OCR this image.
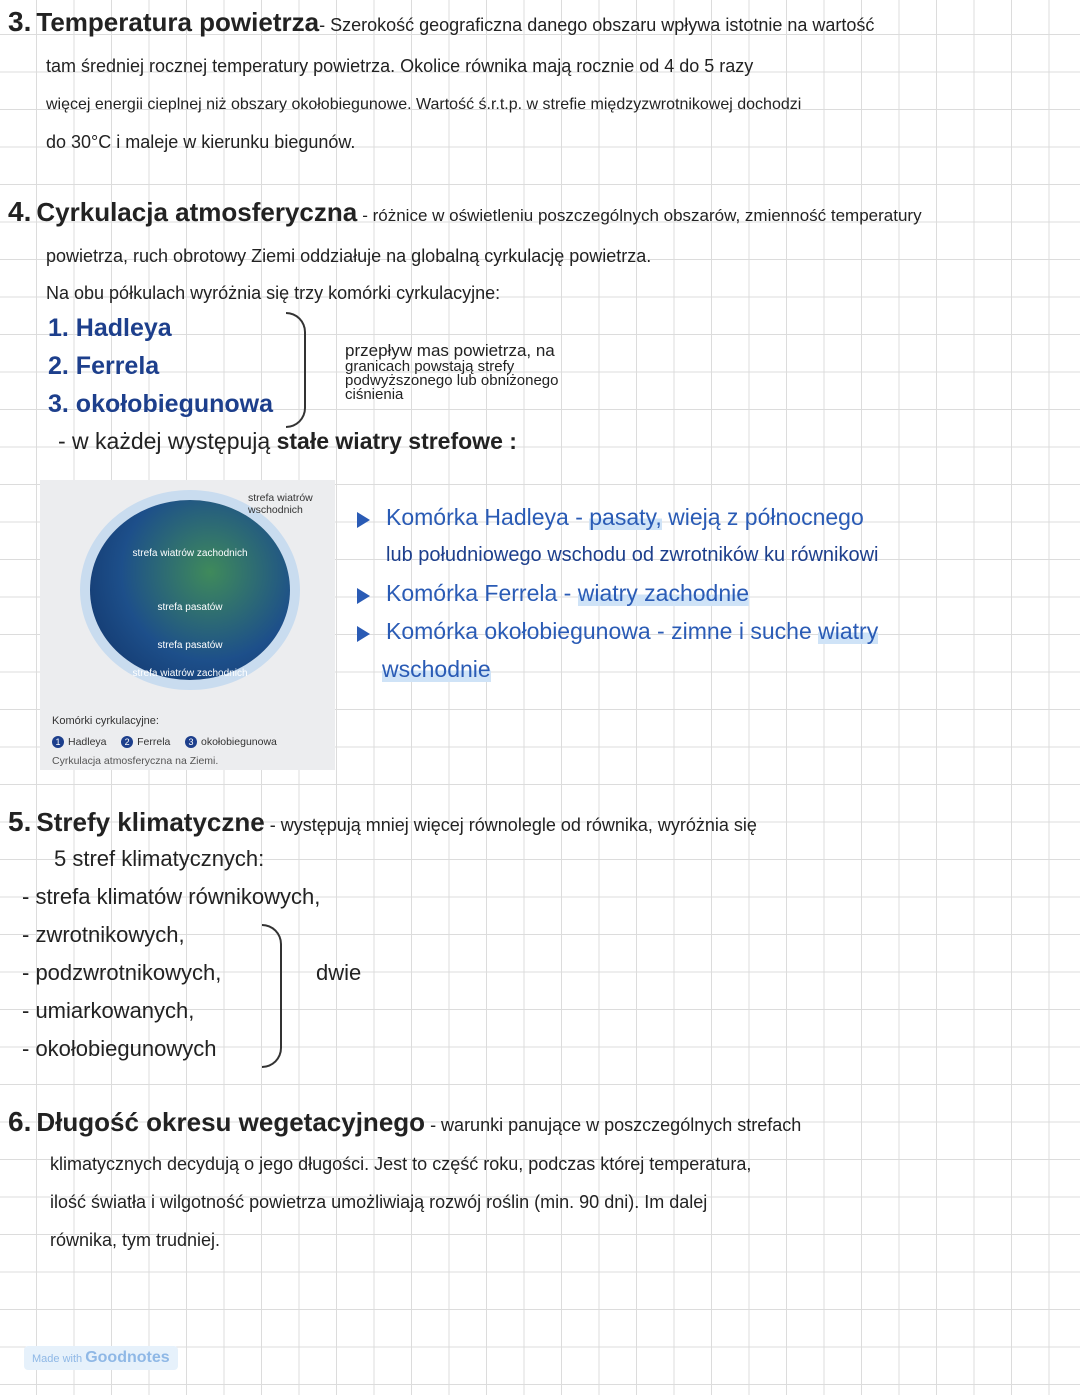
3. Temperatura powietrza- Szerokość geograficzna danego obszaru wpływa istotnie na wartość
tam średniej rocznej temperatury powietrza. Okolice równika mają rocznie od 4 do 5 razy
więcej energii cieplnej niż obszary okołobiegunowe. Wartość ś.r.t.p. w strefie międzyzwrotnikowej dochodzi
do 30°C i maleje w kierunku biegunów.
4. Cyrkulacja atmosferyczna - różnice w oświetleniu poszczególnych obszarów, zmienność temperatury
powietrza, ruch obrotowy Ziemi oddziałuje na globalną cyrkulację powietrza.
Na obu półkulach wyróżnia się trzy komórki cyrkulacyjne:
1. Hadleya
2. Ferrela
3. okołobiegunowa
przepływ mas powietrza, na
granicach powstają strefy
podwyższonego lub obniżonego
ciśnienia
- w każdej występują stałe wiatry strefowe :
strefa wiatrów zachodnich
strefa pasatów
strefa pasatów
strefa wiatrów zachodnich
strefa wiatrów wschodnich
Komórki cyrkulacyjne:
1 Hadleya 2 Ferrela 3 okołobiegunowa
Cyrkulacja atmosferyczna na Ziemi.
Komórka Hadleya - pasaty, wieją z północnego
lub południowego wschodu od zwrotników ku równikowi
Komórka Ferrela - wiatry zachodnie
Komórka okołobiegunowa - zimne i suche wiatry
wschodnie
5. Strefy klimatyczne - występują mniej więcej równolegle od równika, wyróżnia się
5 stref klimatycznych:
- strefa klimatów równikowych,
- zwrotnikowych,
- podzwrotnikowych,
- umiarkowanych,
- okołobiegunowych
dwie
6. Długość okresu wegetacyjnego - warunki panujące w poszczególnych strefach
klimatycznych decydują o jego długości. Jest to część roku, podczas której temperatura,
ilość światła i wilgotność powietrza umożliwiają rozwój roślin (min. 90 dni). Im dalej
równika, tym trudniej.
Made with Goodnotes
